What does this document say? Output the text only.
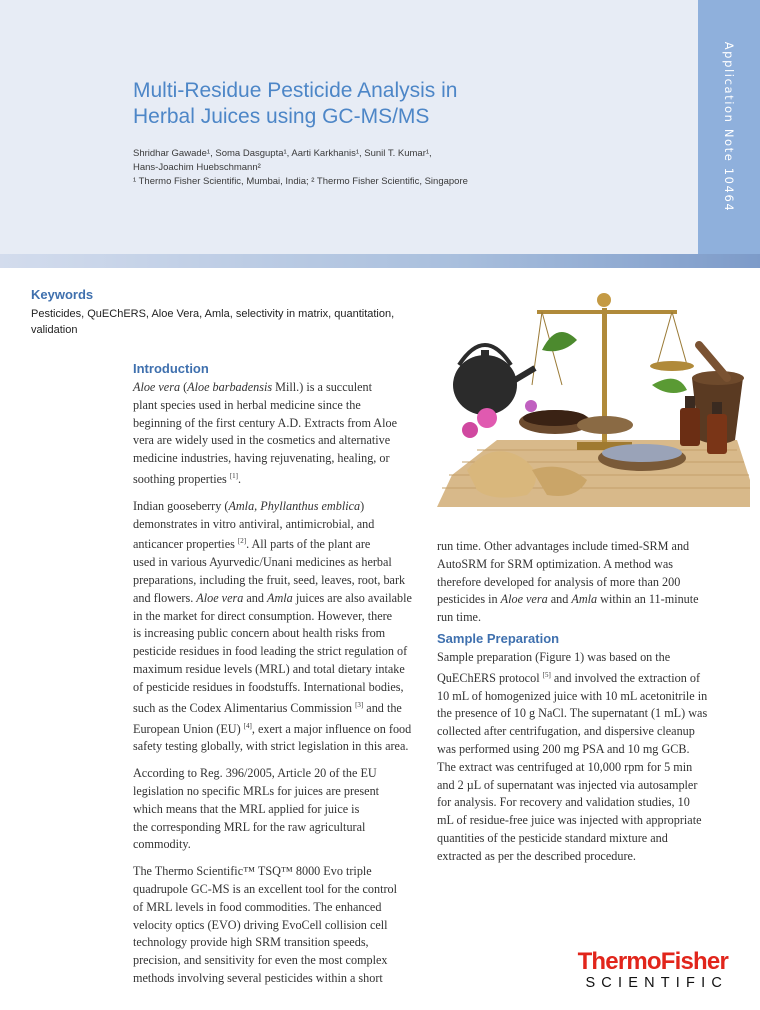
Multi-Residue Pesticide Analysis in
Herbal Juices using GC-MS/MS

Shridhar Gawade¹, Soma Dasgupta¹, Aarti Karkhanis¹, Sunil T. Kumar¹,

Hans-Joachim Huebschmann²

¹ Thermo Fisher Scientific, Mumbai, India; ² Thermo Fisher Scientific, Singapore	Application Note 10464
Keywords

Pesticides, QuEChERS, Aloe Vera, Amla, selectivity in matrix, quantitation, validation

Introduction

Aloe vera (Aloe barbadensis Mill.) is a succulent
plant species used in herbal medicine since the
beginning of the first century A.D. Extracts from Aloe
vera are widely used in the cosmetics and alternative
medicine industries, having rejuvenating, healing, or
soothing properties [1].

Indian gooseberry (Amla, Phyllanthus emblica)
demonstrates in vitro antiviral, antimicrobial, and
anticancer properties [2]. All parts of the plant are
used in various Ayurvedic/Unani medicines as herbal
preparations, including the fruit, seed, leaves, root, bark
and flowers. Aloe vera and Amla juices are also available
in the market for direct consumption. However, there
is increasing public concern about health risks from
pesticide residues in food leading the strict regulation of
maximum residue levels (MRL) and total dietary intake
of pesticide residues in foodstuffs. International bodies,
such as the Codex Alimentarius Commission [3] and the
European Union (EU) [4], exert a major influence on food
safety testing globally, with strict legislation in this area.

According to Reg. 396/2005, Article 20 of the EU
legislation no specific MRLs for juices are present
which means that the MRL applied for juice is
the corresponding MRL for the raw agricultural
commodity.

The Thermo Scientific™ TSQ™ 8000 Evo triple
quadrupole GC-MS is an excellent tool for the control
of MRL levels in food commodities. The enhanced
velocity optics (EVO) driving EvoCell collision cell
technology provide high SRM transition speeds,
precision, and sensitivity for even the most complex
methods involving several pesticides within a short

run time. Other advantages include timed-SRM and
AutoSRM for SRM optimization. A method was
therefore developed for analysis of more than 200
pesticides in Aloe vera and Amla within an 11-minute
run time.

Sample Preparation

Sample preparation (Figure 1) was based on the
QuEChERS protocol [5] and involved the extraction of
10 mL of homogenized juice with 10 mL acetonitrile in
the presence of 10 g NaCl. The supernatant (1 mL) was
collected after centrifugation, and dispersive cleanup
was performed using 200 mg PSA and 10 mg GCB.
The extract was centrifuged at 10,000 rpm for 5 min
and 2 µL of supernatant was injected via autosampler
for analysis. For recovery and validation studies, 10
mL of residue-free juice was injected with appropriate
quantities of the pesticide standard mixture and
extracted as per the described procedure.

ThermoFisher
SCIENTIFIC
